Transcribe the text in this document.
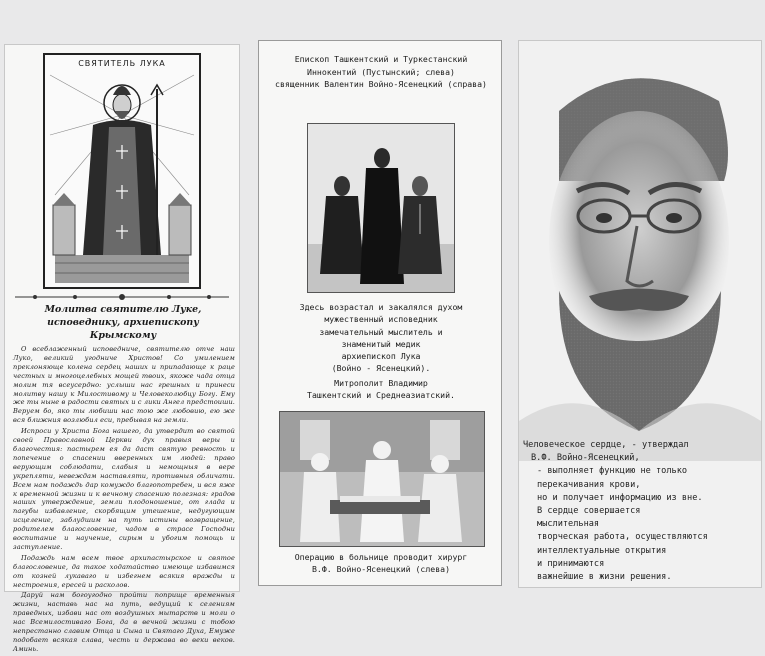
СВЯТИТЕЛЬ ЛУКА
Молитва святителю Луке,
исповеднику, архиепископу Крымскому

О всеблаженный исповедниче, святителю отче наш Луко, великий угодниче Христов! Со умилением преклоняюще колена сердец наших и припадающе к раце честных и многоцелебных мощей твоих, якоже чада отца молим тя всеусердно: услыши нас грешных и принеси молитву нашу к Милостивому и Человеколюбцу Богу. Ему же ты ныне в радости святых и с лики Ангел предстоиши. Веруем бо, яко ты любиши нас тою же любовию, ею же вся ближния возлюбил еси, пребывая на земли.

Испроси у Христа Бога нашего, да утвердит во святой своей Православной Церкви дух правыя веры и благочестия: пастырем ея да даст святую ревность и попечение о спасении вверенных им людей: право верующим соблюдати, слабыя и немощныя в вере укрепляти, невеждам наставляти, противныя обличати. Всем нам подаждь дар комуждо благопотребен, и вся яже к временной жизни и к вечному спасению полезная: градов наших утверждение, земли плодоношение, от глада и пагубы избавление, скорбящим утешение, недугующим исцеление, заблудшим на путь истины возвращение, родителем благословение, чадом в страсе Господни воспитание и научение, сирым и убогим помощь и заступление.

Подаждь нам всем твое архипастырское и святое благословение, да такое ходатайство имеюще избавимся от козней лукаваго и избегнем всякия вражды и нестроения, ересей и расколов.

Даруй нам богоугодно пройти поприще временныя жизни, наставь нас на путь, ведущий к селениям праведных, избави нас от воздушных мытарств и моли о нас Всемилостиваго Бога, да в вечной жизни с тобою непрестанно славим Отца и Сына и Святаго Духа, Емуже подобает всякая слава, честь и держава во веки веков. Аминь.

Епископ Ташкентский и Туркестанский
Иннокентий (Пустынский; слева)
священник Валентин Войно-Ясенецкий (справа)
Здесь возрастал и закалялся духом
мужественный исповедник
замечательный мыслитель и
знаменитый медик
архиепископ Лука
(Войно - Ясенецкий).
Митрополит Владимир
Ташкентский и Среднеазиатский.
Операцию в больнице проводит хирург
В.Ф. Войно-Ясенецкий (слева)
Человеческое сердце, - утверждал
В.Ф. Войно-Ясенецкий,
- выполняет функцию не только
перекачивания крови,
но и получает информацию из вне.
В сердце совершается
мыслительная
творческая работа, осуществляются
интеллектуальные открытия
и принимаются
важнейшие в жизни решения.
